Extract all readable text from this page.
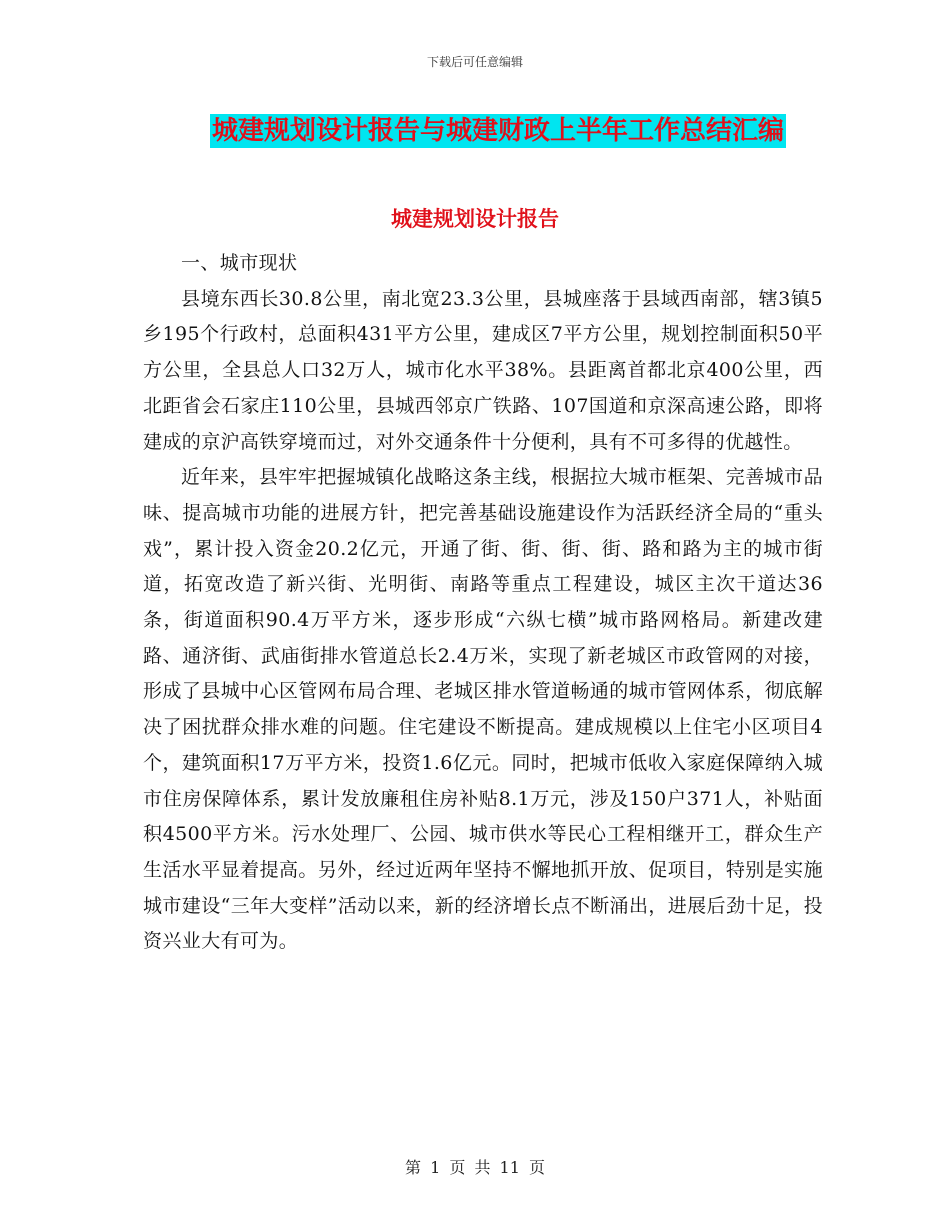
下载后可任意编辑
城建规划设计报告与城建财政上半年工作总结汇编
城建规划设计报告

一、城市现状

县境东西长30.8公里，南北宽23.3公里，县城座落于县域西南部，辖3镇5乡195个行政村，总面积431平方公里，建成区7平方公里，规划控制面积50平方公里，全县总人口32万人，城市化水平38%。县距离首都北京400公里，西北距省会石家庄110公里，县城西邻京广铁路、107国道和京深高速公路，即将建成的京沪高铁穿境而过，对外交通条件十分便利，具有不可多得的优越性。

近年来，县牢牢把握城镇化战略这条主线，根据拉大城市框架、完善城市品味、提高城市功能的进展方针，把完善基础设施建设作为活跃经济全局的“重头戏”，累计投入资金20.2亿元，开通了街、街、街、街、路和路为主的城市街道，拓宽改造了新兴街、光明街、南路等重点工程建设，城区主次干道达36条，街道面积90.4万平方米，逐步形成“六纵七横”城市路网格局。新建改建路、通济街、武庙街排水管道总长2.4万米，实现了新老城区市政管网的对接，形成了县城中心区管网布局合理、老城区排水管道畅通的城市管网体系，彻底解决了困扰群众排水难的问题。住宅建设不断提高。建成规模以上住宅小区项目4个，建筑面积17万平方米，投资1.6亿元。同时，把城市低收入家庭保障纳入城市住房保障体系，累计发放廉租住房补贴8.1万元，涉及150户371人，补贴面积4500平方米。污水处理厂、公园、城市供水等民心工程相继开工，群众生产生活水平显着提高。另外，经过近两年坚持不懈地抓开放、促项目，特别是实施城市建设“三年大变样”活动以来，新的经济增长点不断涌出，进展后劲十足，投资兴业大有可为。

第 1 页 共 11 页
